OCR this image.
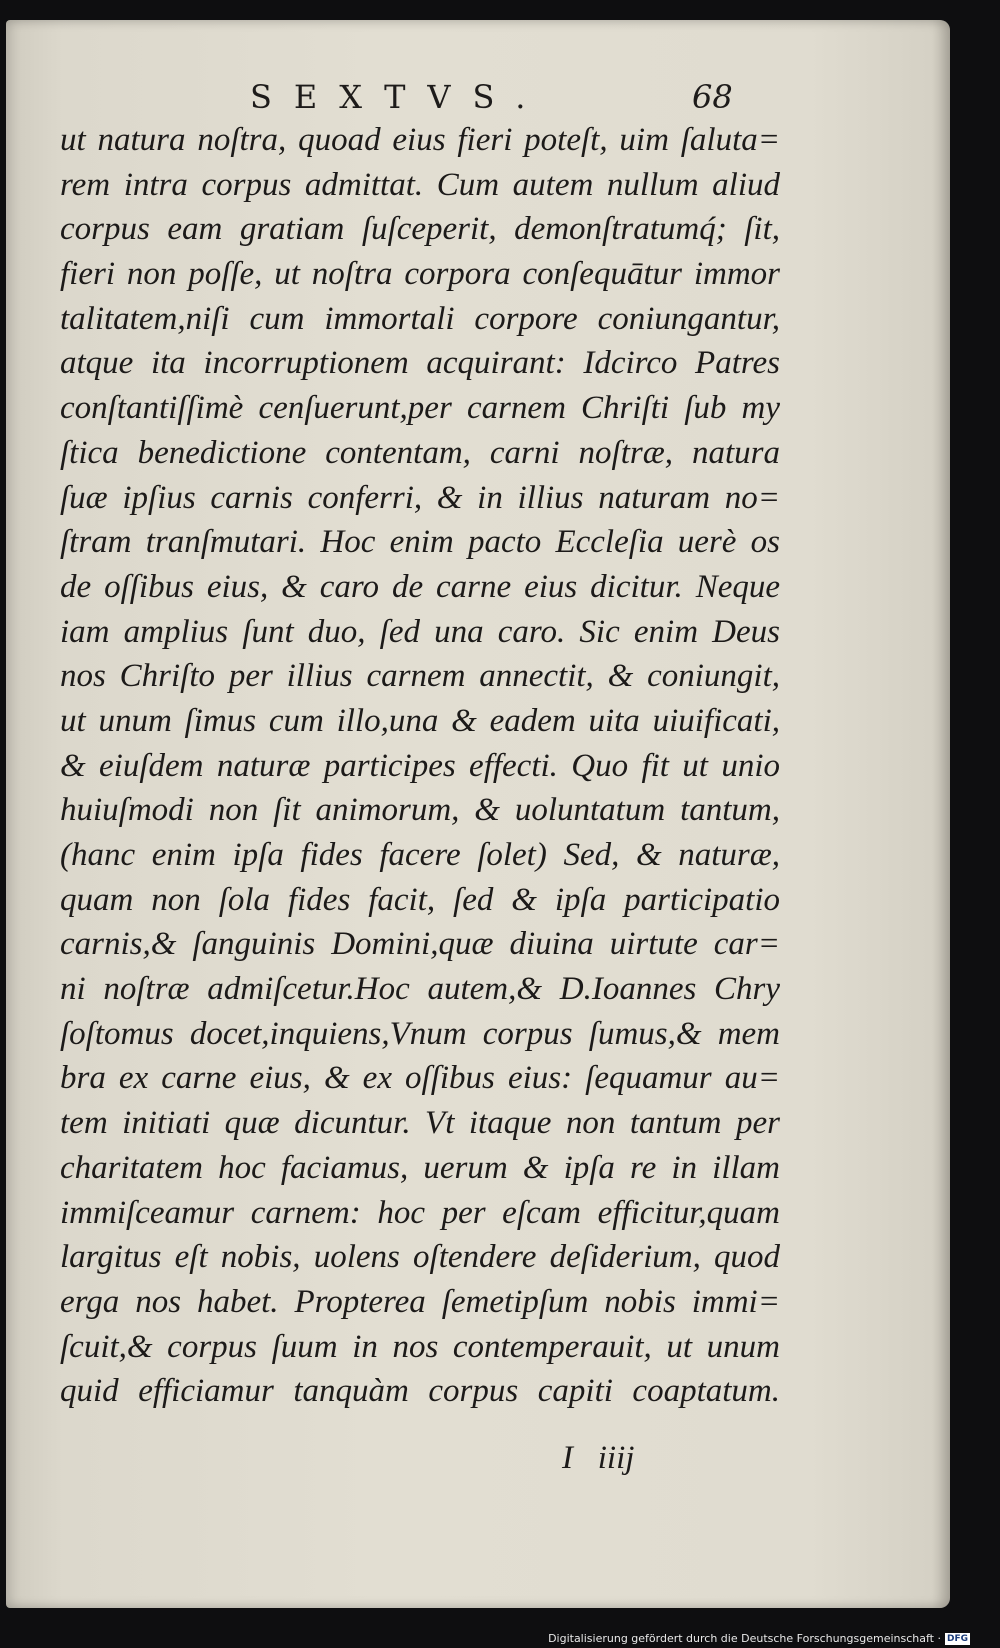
SEXTVS.	68
ut natura noſtra, quoad eius fieri poteſt, uim ſaluta=
rem intra corpus admittat. Cum autem nullum aliud
corpus eam gratiam ſuſceperit, demonſtratumq́; ſit,
fieri non poſſe, ut noſtra corpora conſequātur immor
talitatem,niſi cum immortali corpore coniungantur,
atque ita incorruptionem acquirant: Idcirco Patres
conſtantiſſimè cenſuerunt,per carnem Chriſti ſub my
ſtica benedictione contentam, carni noſtræ, natura
ſuæ ipſius carnis conferri, & in illius naturam no=
ſtram tranſmutari. Hoc enim pacto Eccleſia uerè os
de oſſibus eius, & caro de carne eius dicitur. Neque
iam amplius ſunt duo, ſed una caro. Sic enim Deus
nos Chriſto per illius carnem annectit, & coniungit,
ut unum ſimus cum illo,una & eadem uita uiuificati,
& eiuſdem naturæ participes effecti. Quo fit ut unio
huiuſmodi non ſit animorum, & uoluntatum tantum,
(hanc enim ipſa fides facere ſolet) Sed, & naturæ,
quam non ſola fides facit, ſed & ipſa participatio
carnis,& ſanguinis Domini,quæ diuina uirtute car=
ni noſtræ admiſcetur.Hoc autem,& D.Ioannes Chry
ſoſtomus docet,inquiens,Vnum corpus ſumus,& mem
bra ex carne eius, & ex oſſibus eius: ſequamur au=
tem initiati quæ dicuntur. Vt itaque non tantum per
charitatem hoc faciamus, uerum & ipſa re in illam
immiſceamur carnem: hoc per eſcam efficitur,quam
largitus eſt nobis, uolens oſtendere deſiderium, quod
erga nos habet. Propterea ſemetipſum nobis immi=
ſcuit,& corpus ſuum in nos contemperauit, ut unum
quid efficiamur tanquàm corpus capiti coaptatum.
I   iiij
Digitalisierung gefördert durch die Deutsche Forschungsgemeinschaft · DFG
